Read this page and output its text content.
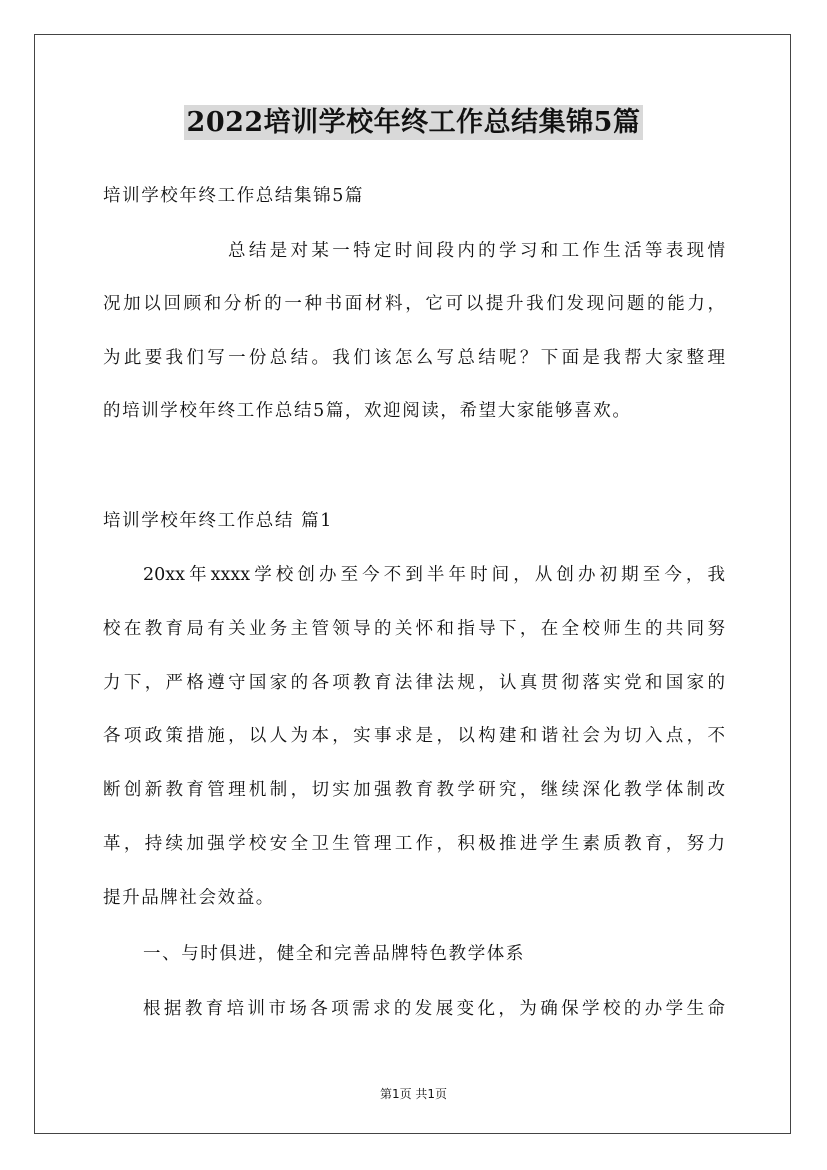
2022培训学校年终工作总结集锦5篇
培训学校年终工作总结集锦5篇
总结是对某一特定时间段内的学习和工作生活等表现情
况加以回顾和分析的一种书面材料，它可以提升我们发现问题的能力，
为此要我们写一份总结。我们该怎么写总结呢？下面是我帮大家整理
的培训学校年终工作总结5篇，欢迎阅读，希望大家能够喜欢。
培训学校年终工作总结 篇1
20xx年xxxx学校创办至今不到半年时间，从创办初期至今，我
校在教育局有关业务主管领导的关怀和指导下，在全校师生的共同努
力下，严格遵守国家的各项教育法律法规，认真贯彻落实党和国家的
各项政策措施，以人为本，实事求是，以构建和谐社会为切入点，不
断创新教育管理机制，切实加强教育教学研究，继续深化教学体制改
革，持续加强学校安全卫生管理工作，积极推进学生素质教育，努力
提升品牌社会效益。
一、与时俱进，健全和完善品牌特色教学体系
根据教育培训市场各项需求的发展变化，为确保学校的办学生命
第1页 共1页
